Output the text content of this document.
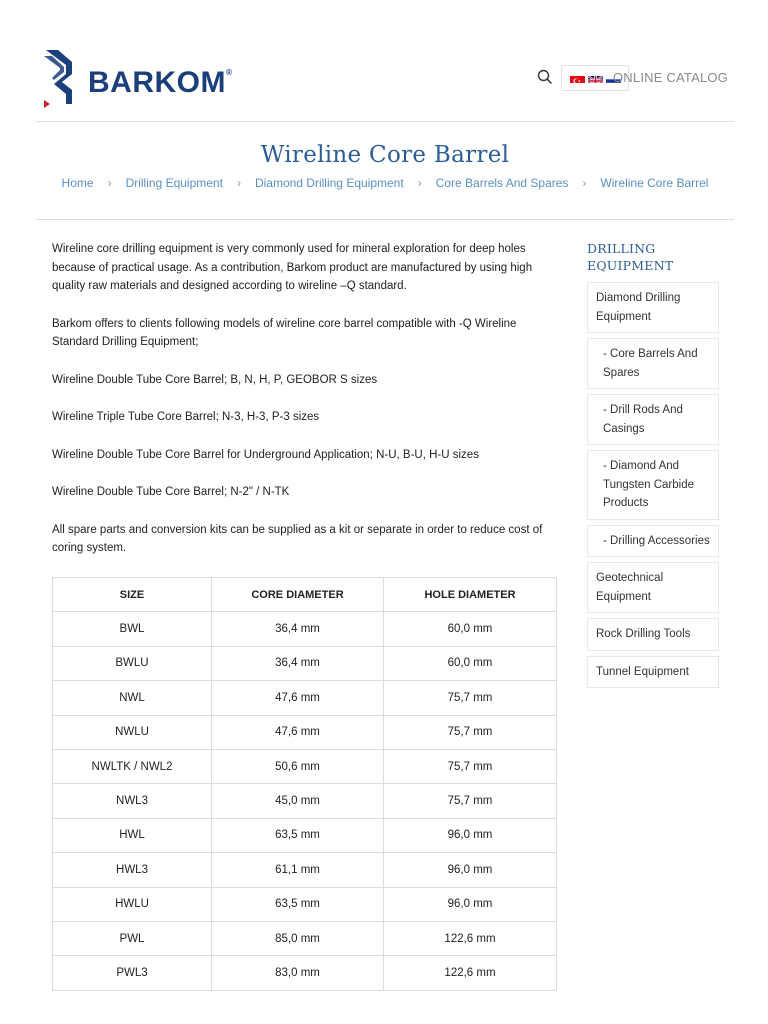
BARKOM®	ONLINE CATALOG
Wireline Core Barrel
Home › Drilling Equipment › Diamond Drilling Equipment › Core Barrels And Spares › Wireline Core Barrel

Wireline core drilling equipment is very commonly used for mineral exploration for deep holes because of practical usage. As a contribution, Barkom product are manufactured by using high quality raw materials and designed according to wireline –Q standard.

Barkom offers to clients following models of wireline core barrel compatible with -Q Wireline Standard Drilling Equipment;

Wireline Double Tube Core Barrel; B, N, H, P, GEOBOR S sizes

Wireline Triple Tube Core Barrel; N-3, H-3, P-3 sizes

Wireline Double Tube Core Barrel for Underground Application; N-U, B-U, H-U sizes

Wireline Double Tube Core Barrel; N-2" / N-TK

All spare parts and conversion kits can be supplied as a kit or separate in order to reduce cost of coring system.

SIZE	CORE DIAMETER	HOLE DIAMETER
BWL	36,4 mm	60,0 mm
BWLU	36,4 mm	60,0 mm
NWL	47,6 mm	75,7 mm
NWLU	47,6 mm	75,7 mm
NWLTK / NWL2	50,6 mm	75,7 mm
NWL3	45,0 mm	75,7 mm
HWL	63,5 mm	96,0 mm
HWL3	61,1 mm	96,0 mm
HWLU	63,5 mm	96,0 mm
PWL	85,0 mm	122,6 mm
PWL3	83,0 mm	122,6 mm
DRILLING EQUIPMENT
Diamond Drilling Equipment
- Core Barrels And Spares
- Drill Rods And Casings
- Diamond And Tungsten Carbide Products
- Drilling Accessories
Geotechnical Equipment
Rock Drilling Tools
Tunnel Equipment
